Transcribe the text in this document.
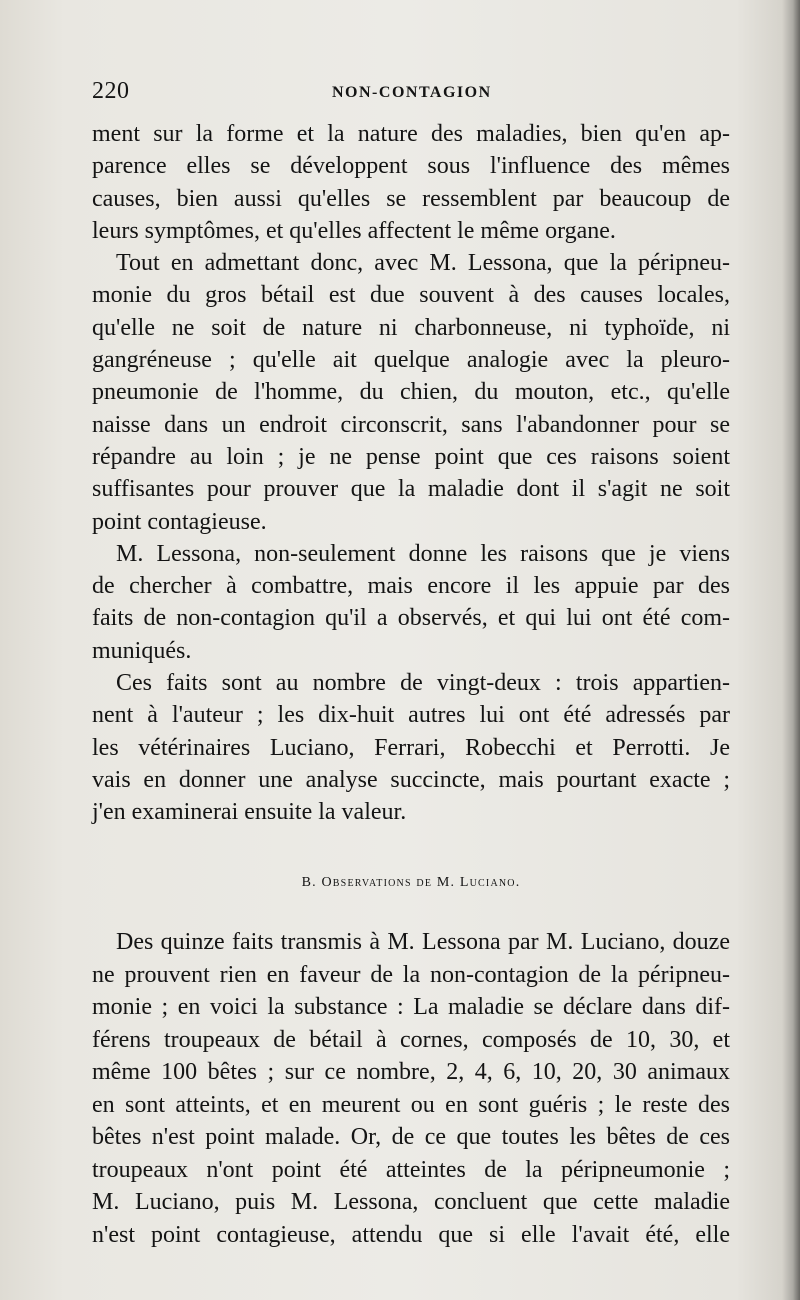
220	NON-CONTAGION
ment sur la forme et la nature des maladies, bien qu'en ap-
parence elles se développent sous l'influence des mêmes
causes, bien aussi qu'elles se ressemblent par beaucoup de
leurs symptômes, et qu'elles affectent le même organe.
Tout en admettant donc, avec M. Lessona, que la péripneu-
monie du gros bétail est due souvent à des causes locales,
qu'elle ne soit de nature ni charbonneuse, ni typhoïde, ni
gangréneuse ; qu'elle ait quelque analogie avec la pleuro-
pneumonie de l'homme, du chien, du mouton, etc., qu'elle
naisse dans un endroit circonscrit, sans l'abandonner pour se
répandre au loin ; je ne pense point que ces raisons soient
suffisantes pour prouver que la maladie dont il s'agit ne soit
point contagieuse.
M. Lessona, non-seulement donne les raisons que je viens
de chercher à combattre, mais encore il les appuie par des
faits de non-contagion qu'il a observés, et qui lui ont été com-
muniqués.
Ces faits sont au nombre de vingt-deux : trois appartien-
nent à l'auteur ; les dix-huit autres lui ont été adressés par
les vétérinaires Luciano, Ferrari, Robecchi et Perrotti. Je
vais en donner une analyse succincte, mais pourtant exacte ;
j'en examinerai ensuite la valeur.
B. Observations de M. Luciano.
Des quinze faits transmis à M. Lessona par M. Luciano, douze
ne prouvent rien en faveur de la non-contagion de la péripneu-
monie ; en voici la substance : La maladie se déclare dans dif-
férens troupeaux de bétail à cornes, composés de 10, 30, et
même 100 bêtes ; sur ce nombre, 2, 4, 6, 10, 20, 30 animaux
en sont atteints, et en meurent ou en sont guéris ; le reste des
bêtes n'est point malade. Or, de ce que toutes les bêtes de ces
troupeaux n'ont point été atteintes de la péripneumonie ;
M. Luciano, puis M. Lessona, concluent que cette maladie
n'est point contagieuse, attendu que si elle l'avait été, elle
